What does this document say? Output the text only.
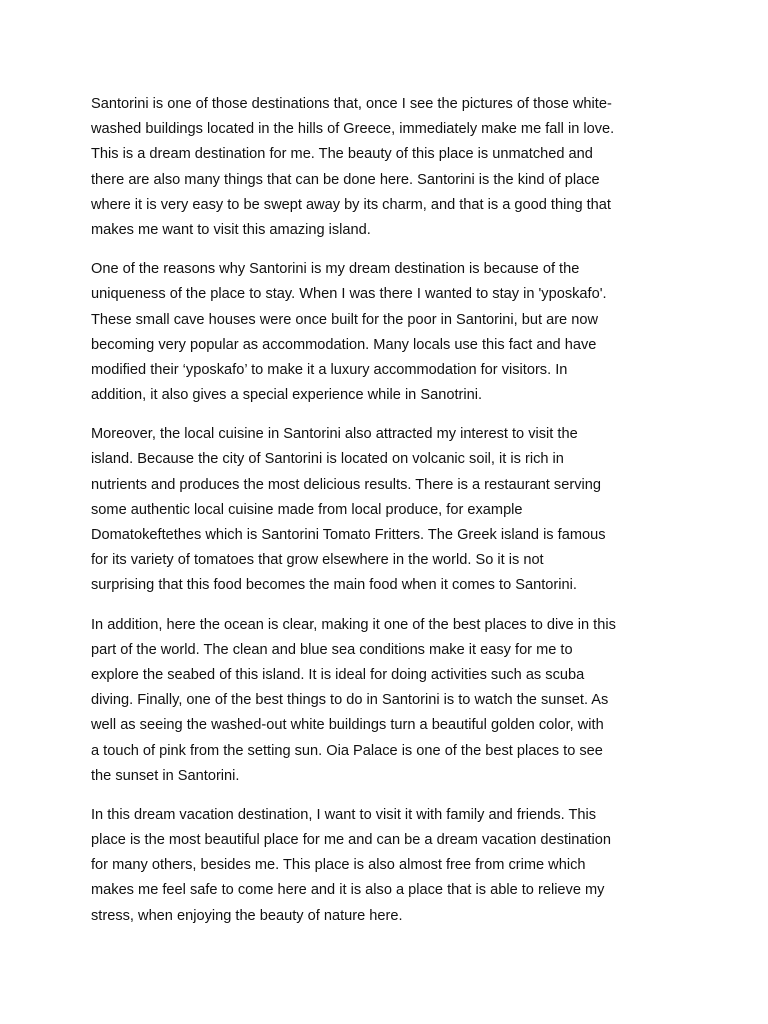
Santorini is one of those destinations that, once I see the pictures of those white-
washed buildings located in the hills of Greece, immediately make me fall in love.
This is a dream destination for me. The beauty of this place is unmatched and
there are also many things that can be done here. Santorini is the kind of place
where it is very easy to be swept away by its charm, and that is a good thing that
makes me want to visit this amazing island.
One of the reasons why Santorini is my dream destination is because of the
uniqueness of the place to stay. When I was there I wanted to stay in 'yposkafo'.
These small cave houses were once built for the poor in Santorini, but are now
becoming very popular as accommodation. Many locals use this fact and have
modified their ‘yposkafo’ to make it a luxury accommodation for visitors. In
addition, it also gives a special experience while in Sanotrini.
Moreover, the local cuisine in Santorini also attracted my interest to visit the
island. Because the city of Santorini is located on volcanic soil, it is rich in
nutrients and produces the most delicious results. There is a restaurant serving
some authentic local cuisine made from local produce, for example
Domatokeftethes which is Santorini Tomato Fritters. The Greek island is famous
for its variety of tomatoes that grow elsewhere in the world. So it is not
surprising that this food becomes the main food when it comes to Santorini.
In addition, here the ocean is clear, making it one of the best places to dive in this
part of the world. The clean and blue sea conditions make it easy for me to
explore the seabed of this island. It is ideal for doing activities such as scuba
diving. Finally, one of the best things to do in Santorini is to watch the sunset. As
well as seeing the washed-out white buildings turn a beautiful golden color, with
a touch of pink from the setting sun. Oia Palace is one of the best places to see
the sunset in Santorini.
In this dream vacation destination, I want to visit it with family and friends. This
place is the most beautiful place for me and can be a dream vacation destination
for many others, besides me. This place is also almost free from crime which
makes me feel safe to come here and it is also a place that is able to relieve my
stress, when enjoying the beauty of nature here.
